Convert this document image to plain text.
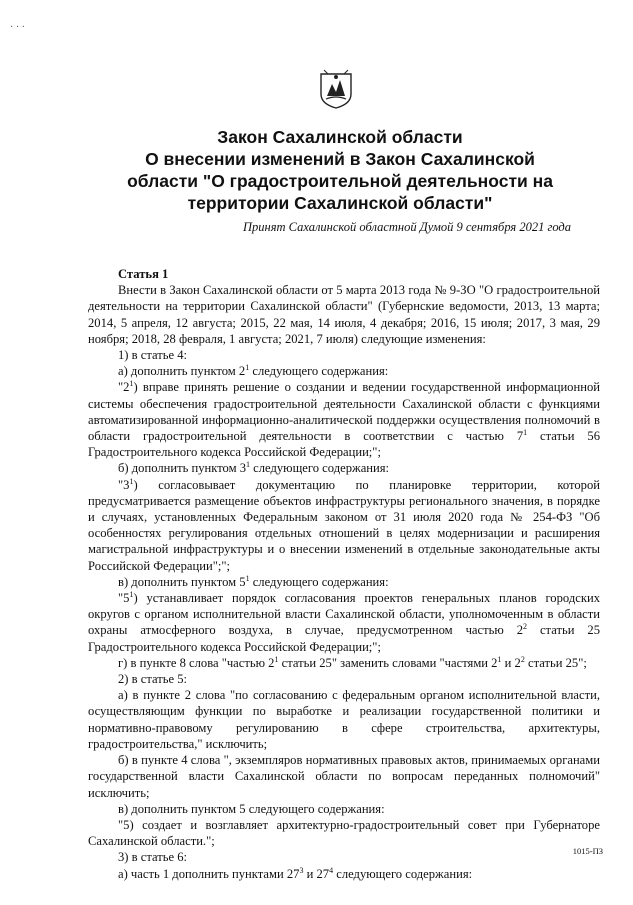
· · ·
Закон Сахалинской области
О внесении изменений в Закон Сахалинской
области "О градостроительной деятельности на
территории Сахалинской области"
Принят Сахалинской областной Думой 9 сентября 2021 года

Статья 1

Внести в Закон Сахалинской области от 5 марта 2013 года № 9-ЗО "О градостроительной деятельности на территории Сахалинской области" (Губернские ведомости, 2013, 13 марта; 2014, 5 апреля, 12 августа; 2015, 22 мая, 14 июля, 4 декабря; 2016, 15 июля; 2017, 3 мая, 29 ноября; 2018, 28 февраля, 1 августа; 2021, 7 июля) следующие изменения:

1) в статье 4:

а) дополнить пунктом $2^1$ следующего содержания:

"$2^1$) вправе принять решение о создании и ведении государственной информационной системы обеспечения градостроительной деятельности Сахалинской области с функциями автоматизированной информационно-аналитической поддержки осуществления полномочий в области градостроительной деятельности в соответствии с частью $7^1$ статьи 56 Градостроительного кодекса Российской Федерации;";

б) дополнить пунктом $3^1$ следующего содержания:

"$3^1$) согласовывает документацию по планировке территории, которой предусматривается размещение объектов инфраструктуры регионального значения, в порядке и случаях, установленных Федеральным законом от 31 июля 2020 года № 254-ФЗ "Об особенностях регулирования отдельных отношений в целях модернизации и расширения магистральной инфраструктуры и о внесении изменений в отдельные законодательные акты Российской Федерации";";

в) дополнить пунктом $5^1$ следующего содержания:

"$5^1$) устанавливает порядок согласования проектов генеральных планов городских округов с органом исполнительной власти Сахалинской области, уполномоченным в области охраны атмосферного воздуха, в случае, предусмотренном частью $2^2$ статьи 25 Градостроительного кодекса Российской Федерации;";

г) в пункте 8 слова "частью $2^1$ статьи 25" заменить словами "частями $2^1$ и $2^2$ статьи 25";

2) в статье 5:

а) в пункте 2 слова "по согласованию с федеральным органом исполнительной власти, осуществляющим функции по выработке и реализации государственной политики и нормативно-правовому регулированию в сфере строительства, архитектуры, градостроительства," исключить;

б) в пункте 4 слова ", экземпляров нормативных правовых актов, принимаемых органами государственной власти Сахалинской области по вопросам переданных полномочий" исключить;

в) дополнить пунктом 5 следующего содержания:

"5) создает и возглавляет архитектурно-градостроительный совет при Губернаторе Сахалинской области.";

3) в статье 6:

а) часть 1 дополнить пунктами $27^3$ и $27^4$ следующего содержания:

1015-ПЗ
